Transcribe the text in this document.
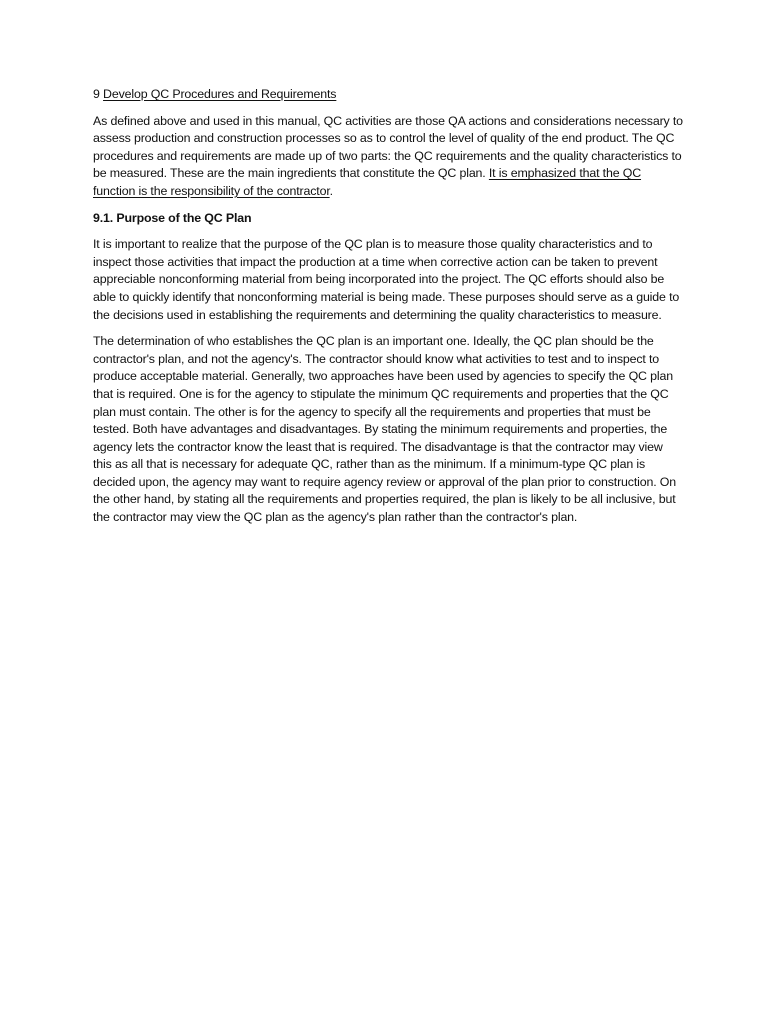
9 Develop QC Procedures and Requirements

As defined above and used in this manual, QC activities are those QA actions and considerations necessary to assess production and construction processes so as to control the level of quality of the end product. The QC procedures and requirements are made up of two parts: the QC requirements and the quality characteristics to be measured. These are the main ingredients that constitute the QC plan. It is emphasized that the QC function is the responsibility of the contractor.

9.1. Purpose of the QC Plan

It is important to realize that the purpose of the QC plan is to measure those quality characteristics and to inspect those activities that impact the production at a time when corrective action can be taken to prevent appreciable nonconforming material from being incorporated into the project. The QC efforts should also be able to quickly identify that nonconforming material is being made. These purposes should serve as a guide to the decisions used in establishing the requirements and determining the quality characteristics to measure.

The determination of who establishes the QC plan is an important one. Ideally, the QC plan should be the contractor's plan, and not the agency's. The contractor should know what activities to test and to inspect to produce acceptable material. Generally, two approaches have been used by agencies to specify the QC plan that is required. One is for the agency to stipulate the minimum QC requirements and properties that the QC plan must contain. The other is for the agency to specify all the requirements and properties that must be tested. Both have advantages and disadvantages. By stating the minimum requirements and properties, the agency lets the contractor know the least that is required. The disadvantage is that the contractor may view this as all that is necessary for adequate QC, rather than as the minimum. If a minimum-type QC plan is decided upon, the agency may want to require agency review or approval of the plan prior to construction. On the other hand, by stating all the requirements and properties required, the plan is likely to be all inclusive, but the contractor may view the QC plan as the agency's plan rather than the contractor's plan.
